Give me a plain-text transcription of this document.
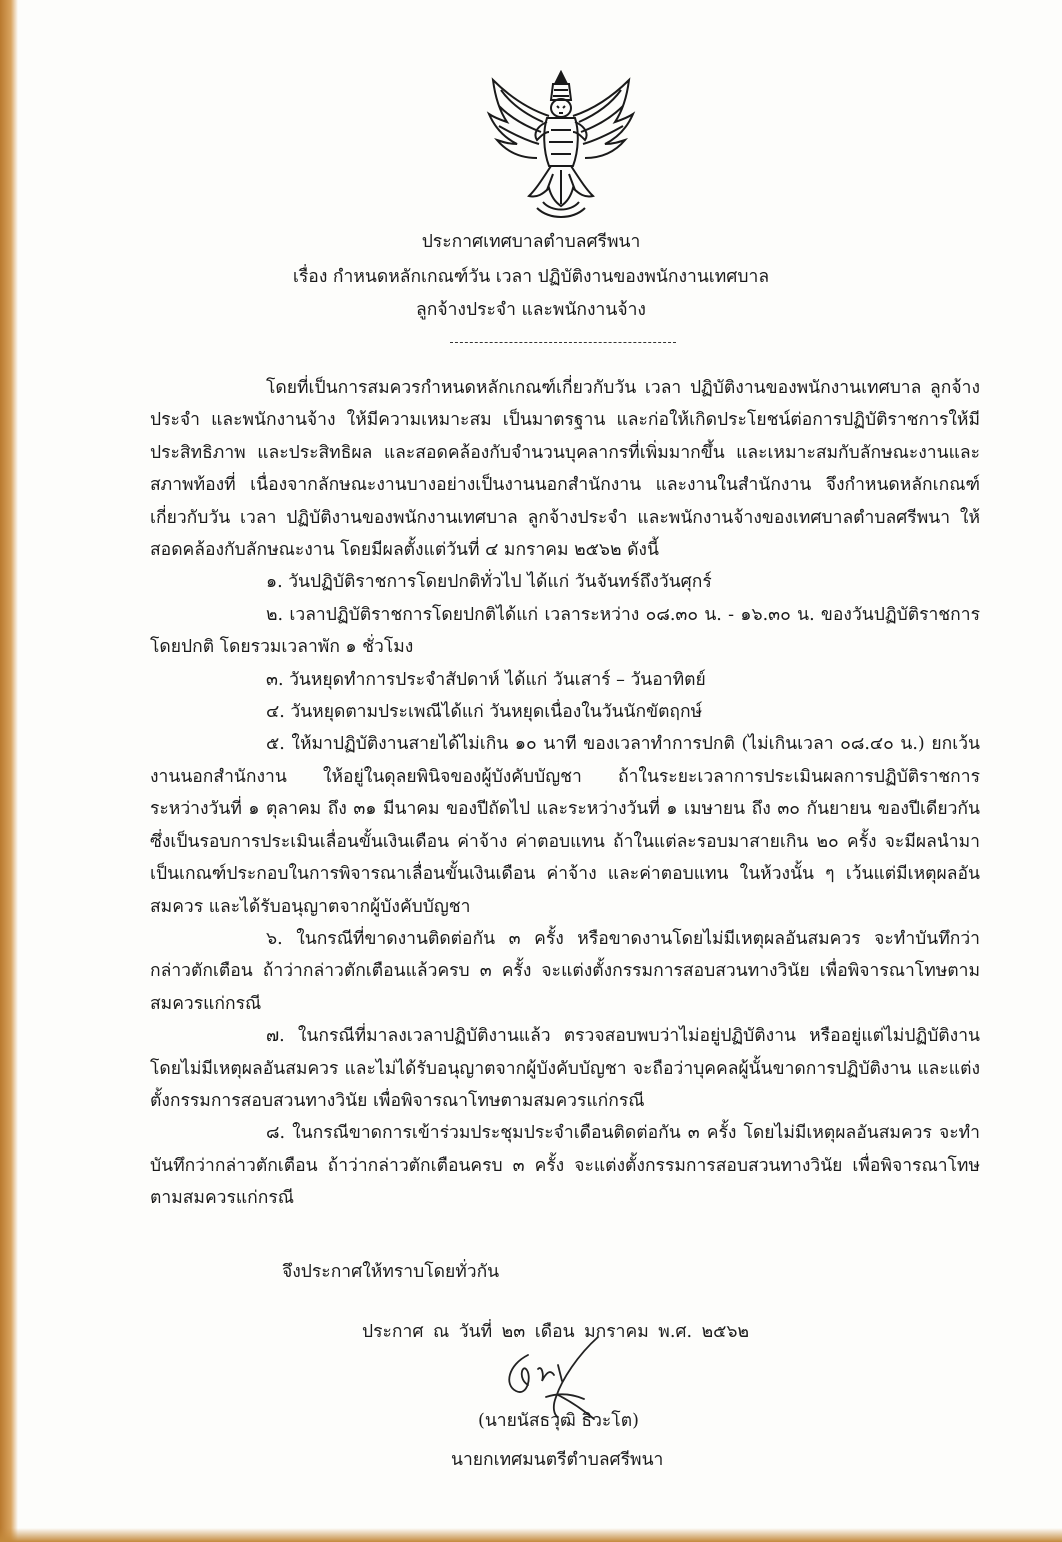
ประกาศเทศบาลตำบลศรีพนา
เรื่อง กำหนดหลักเกณฑ์วัน เวลา ปฏิบัติงานของพนักงานเทศบาล
ลูกจ้างประจำ และพนักงานจ้าง

โดยที่เป็นการสมควรกำหนดหลักเกณฑ์เกี่ยวกับวัน เวลา ปฏิบัติงานของพนักงานเทศบาล ลูกจ้างประจำ และพนักงานจ้าง ให้มีความเหมาะสม เป็นมาตรฐาน และก่อให้เกิดประโยชน์ต่อการปฏิบัติราชการให้มีประสิทธิภาพ และประสิทธิผล และสอดคล้องกับจำนวนบุคลากรที่เพิ่มมากขึ้น และเหมาะสมกับลักษณะงานและสภาพท้องที่ เนื่องจากลักษณะงานบางอย่างเป็นงานนอกสำนักงาน และงานในสำนักงาน จึงกำหนดหลักเกณฑ์เกี่ยวกับวัน เวลา ปฏิบัติงานของพนักงานเทศบาล ลูกจ้างประจำ และพนักงานจ้างของเทศบาลตำบลศรีพนา ให้สอดคล้องกับลักษณะงาน โดยมีผลตั้งแต่วันที่ ๔ มกราคม ๒๕๖๒ ดังนี้

๑. วันปฏิบัติราชการโดยปกติทั่วไป ได้แก่ วันจันทร์ถึงวันศุกร์

๒. เวลาปฏิบัติราชการโดยปกติได้แก่ เวลาระหว่าง ๐๘.๓๐ น. - ๑๖.๓๐ น. ของวันปฏิบัติราชการโดยปกติ โดยรวมเวลาพัก ๑ ชั่วโมง

๓. วันหยุดทำการประจำสัปดาห์ ได้แก่ วันเสาร์ – วันอาทิตย์

๔. วันหยุดตามประเพณีได้แก่ วันหยุดเนื่องในวันนักขัตฤกษ์

๕. ให้มาปฏิบัติงานสายได้ไม่เกิน ๑๐ นาที ของเวลาทำการปกติ (ไม่เกินเวลา ๐๘.๔๐ น.) ยกเว้นงานนอกสำนักงาน ให้อยู่ในดุลยพินิจของผู้บังคับบัญชา ถ้าในระยะเวลาการประเมินผลการปฏิบัติราชการ ระหว่างวันที่ ๑ ตุลาคม ถึง ๓๑ มีนาคม ของปีถัดไป และระหว่างวันที่ ๑ เมษายน ถึง ๓๐ กันยายน ของปีเดียวกัน ซึ่งเป็นรอบการประเมินเลื่อนขั้นเงินเดือน ค่าจ้าง ค่าตอบแทน ถ้าในแต่ละรอบมาสายเกิน ๒๐ ครั้ง จะมีผลนำมาเป็นเกณฑ์ประกอบในการพิจารณาเลื่อนขั้นเงินเดือน ค่าจ้าง และค่าตอบแทน ในห้วงนั้น ๆ เว้นแต่มีเหตุผลอันสมควร และได้รับอนุญาตจากผู้บังคับบัญชา

๖. ในกรณีที่ขาดงานติดต่อกัน ๓ ครั้ง หรือขาดงานโดยไม่มีเหตุผลอันสมควร จะทำบันทึกว่ากล่าวตักเตือน ถ้าว่ากล่าวตักเตือนแล้วครบ ๓ ครั้ง จะแต่งตั้งกรรมการสอบสวนทางวินัย เพื่อพิจารณาโทษตามสมควรแก่กรณี

๗. ในกรณีที่มาลงเวลาปฏิบัติงานแล้ว ตรวจสอบพบว่าไม่อยู่ปฏิบัติงาน หรืออยู่แต่ไม่ปฏิบัติงาน โดยไม่มีเหตุผลอันสมควร และไม่ได้รับอนุญาตจากผู้บังคับบัญชา จะถือว่าบุคคลผู้นั้นขาดการปฏิบัติงาน และแต่งตั้งกรรมการสอบสวนทางวินัย เพื่อพิจารณาโทษตามสมควรแก่กรณี

๘. ในกรณีขาดการเข้าร่วมประชุมประจำเดือนติดต่อกัน ๓ ครั้ง โดยไม่มีเหตุผลอันสมควร จะทำบันทึกว่ากล่าวตักเตือน ถ้าว่ากล่าวตักเตือนครบ ๓ ครั้ง จะแต่งตั้งกรรมการสอบสวนทางวินัย เพื่อพิจารณาโทษตามสมควรแก่กรณี

จึงประกาศให้ทราบโดยทั่วกัน
ประกาศ ณ วันที่ ๒๓ เดือน มกราคม พ.ศ. ๒๕๖๒
(นายนัสธวุฒิ ธิวะโต)
นายกเทศมนตรีตำบลศรีพนา
